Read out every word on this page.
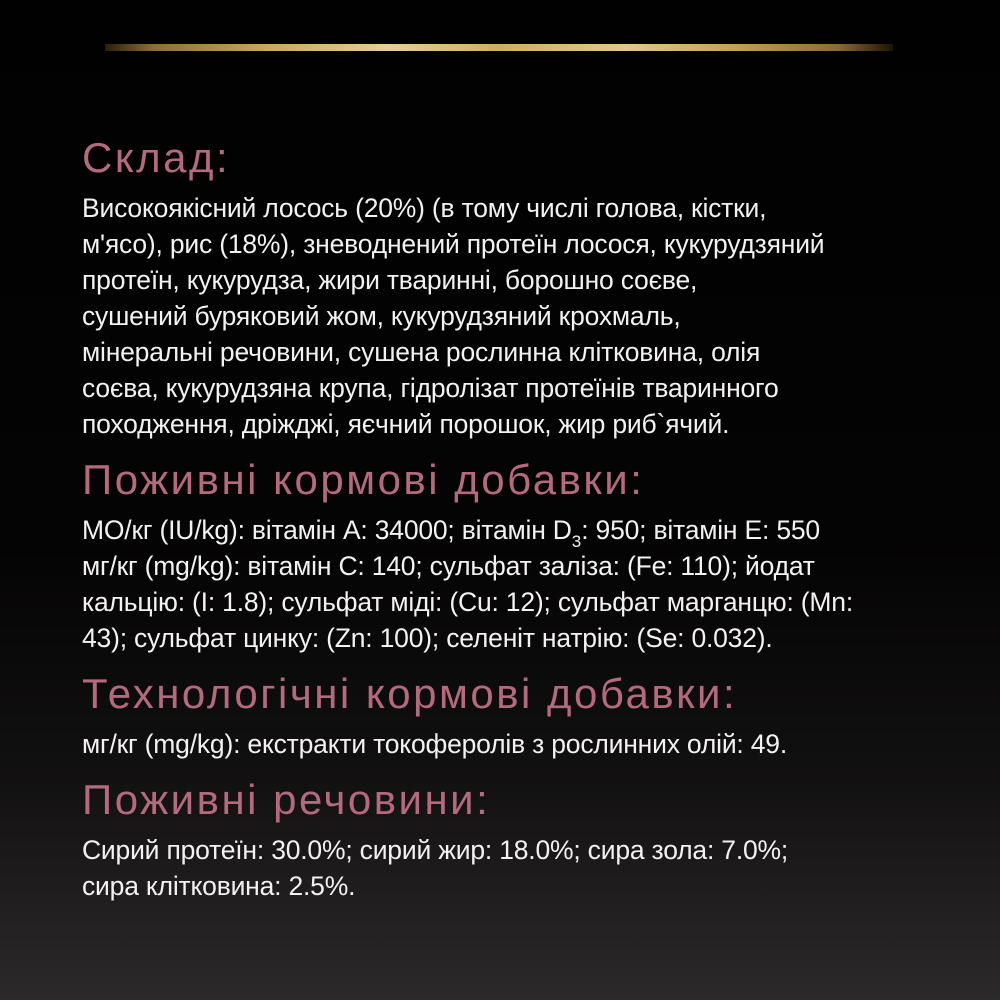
Склад:
Високоякісний лосось (20%) (в тому числі голова, кістки,
м'ясо), рис (18%), зневоднений протеїн лосося, кукурудзяний
протеїн, кукурудза, жири тваринні, борошно соєве,
сушений буряковий жом, кукурудзяний крохмаль,
мінеральні речовини, сушена рослинна клітковина, олія
соєва, кукурудзяна крупа, гідролізат протеїнів тваринного
походження, дріжджі, яєчний порошок, жир риб`ячий.
Поживні кормові добавки:
МО/кг (IU/kg): вітамін A: 34000; вітамін $D_3$: 950; вітамін E: 550
мг/кг (mg/kg): вітамін C: 140; сульфат заліза: (Fe: 110); йодат
кальцію: (I: 1.8); сульфат міді: (Cu: 12); сульфат марганцю: (Mn:
43); сульфат цинку: (Zn: 100); селеніт натрію: (Se: 0.032).
Технологічні кормові добавки:
мг/кг (mg/kg): екстракти токоферолів з рослинних олій: 49.
Поживні речовини:
Сирий протеїн: 30.0%; сирий жир: 18.0%; сира зола: 7.0%;
сира клітковина: 2.5%.
